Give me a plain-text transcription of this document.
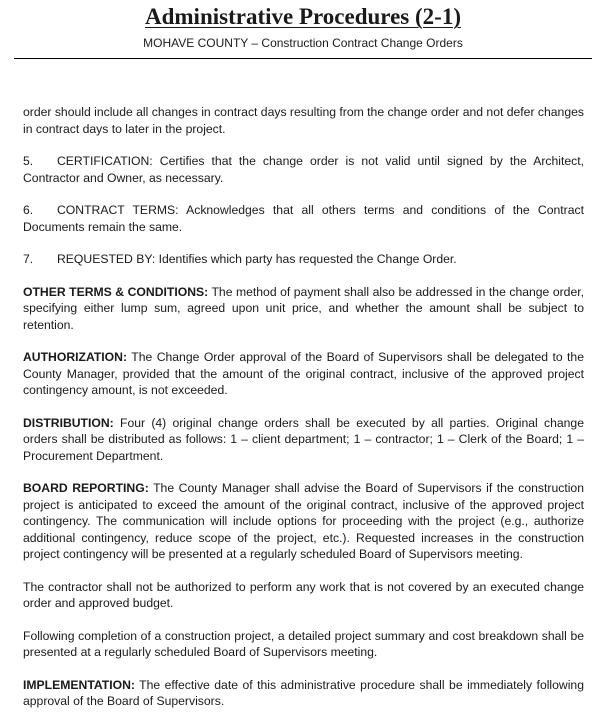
Administrative Procedures (2-1)
MOHAVE COUNTY – Construction Contract Change Orders

order should include all changes in contract days resulting from the change order and not defer changes in contract days to later in the project.

5. CERTIFICATION: Certifies that the change order is not valid until signed by the Architect, Contractor and Owner, as necessary.

6. CONTRACT TERMS: Acknowledges that all others terms and conditions of the Contract Documents remain the same.

7. REQUESTED BY: Identifies which party has requested the Change Order.

OTHER TERMS & CONDITIONS: The method of payment shall also be addressed in the change order, specifying either lump sum, agreed upon unit price, and whether the amount shall be subject to retention.

AUTHORIZATION: The Change Order approval of the Board of Supervisors shall be delegated to the County Manager, provided that the amount of the original contract, inclusive of the approved project contingency amount, is not exceeded.

DISTRIBUTION: Four (4) original change orders shall be executed by all parties. Original change orders shall be distributed as follows: 1 – client department; 1 – contractor; 1 – Clerk of the Board; 1 – Procurement Department.

BOARD REPORTING: The County Manager shall advise the Board of Supervisors if the construction project is anticipated to exceed the amount of the original contract, inclusive of the approved project contingency. The communication will include options for proceeding with the project (e.g., authorize additional contingency, reduce scope of the project, etc.). Requested increases in the construction project contingency will be presented at a regularly scheduled Board of Supervisors meeting.

The contractor shall not be authorized to perform any work that is not covered by an executed change order and approved budget.

Following completion of a construction project, a detailed project summary and cost breakdown shall be presented at a regularly scheduled Board of Supervisors meeting.

IMPLEMENTATION: The effective date of this administrative procedure shall be immediately following approval of the Board of Supervisors.
